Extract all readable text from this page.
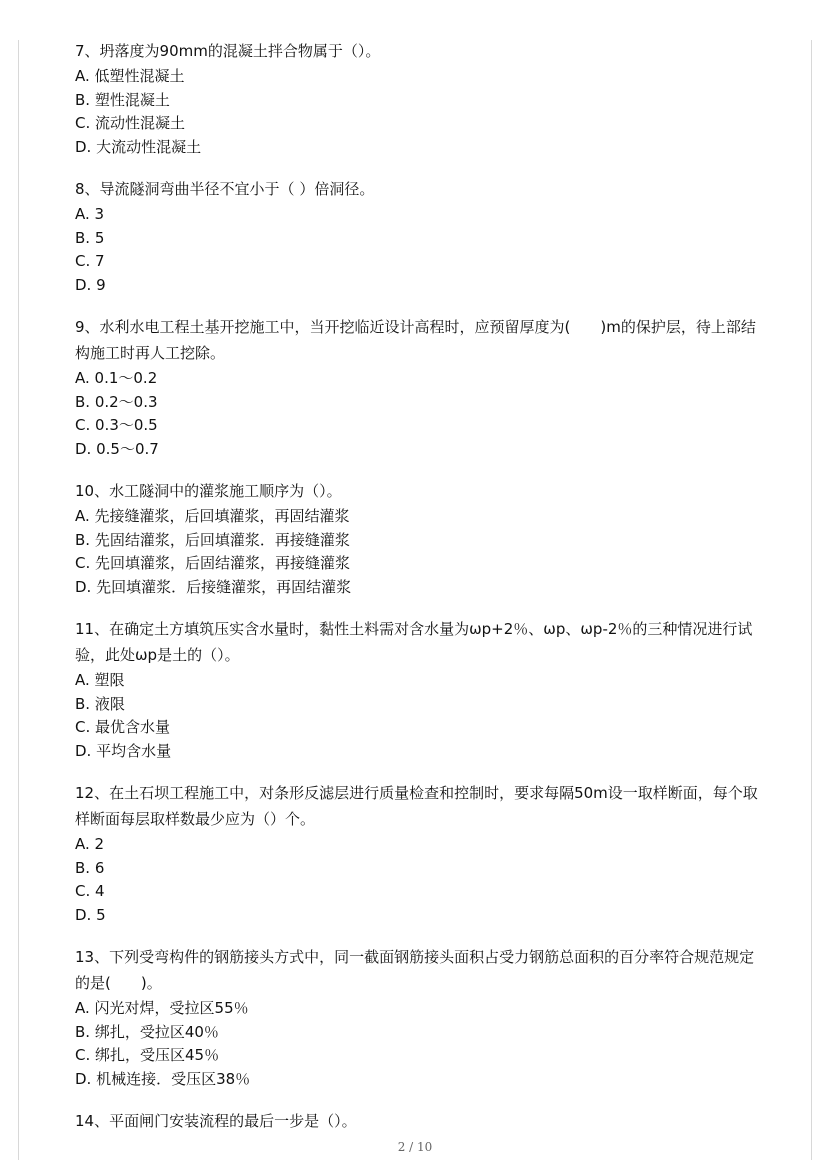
7、坍落度为90mm的混凝土拌合物属于（）。
A. 低塑性混凝土
B. 塑性混凝土
C. 流动性混凝土
D. 大流动性混凝土
8、导流隧洞弯曲半径不宜小于（ ）倍洞径。
A. 3
B. 5
C. 7
D. 9
9、水利水电工程土基开挖施工中，当开挖临近设计高程时，应预留厚度为(　　)m的保护层，待上部结构施工时再人工挖除。
A. 0.1～0.2
B. 0.2～0.3
C. 0.3～0.5
D. 0.5～0.7
10、水工隧洞中的灌浆施工顺序为（）。
A. 先接缝灌浆，后回填灌浆，再固结灌浆
B. 先固结灌浆，后回填灌浆．再接缝灌浆
C. 先回填灌浆，后固结灌浆，再接缝灌浆
D. 先回填灌浆．后接缝灌浆，再固结灌浆
11、在确定土方填筑压实含水量时，黏性土料需对含水量为ωp+2％、ωp、ωp-2％的三种情况进行试验，此处ωp是土的（）。
A. 塑限
B. 液限
C. 最优含水量
D. 平均含水量
12、在土石坝工程施工中，对条形反滤层进行质量检查和控制时，要求每隔50m设一取样断面，每个取样断面每层取样数最少应为（）个。
A. 2
B. 6
C. 4
D. 5
13、下列受弯构件的钢筋接头方式中，同一截面钢筋接头面积占受力钢筋总面积的百分率符合规范规定的是(　　)。
A. 闪光对焊，受拉区55％
B. 绑扎，受拉区40％
C. 绑扎，受压区45％
D. 机械连接．受压区38％
14、平面闸门安装流程的最后一步是（）。
2 / 10
